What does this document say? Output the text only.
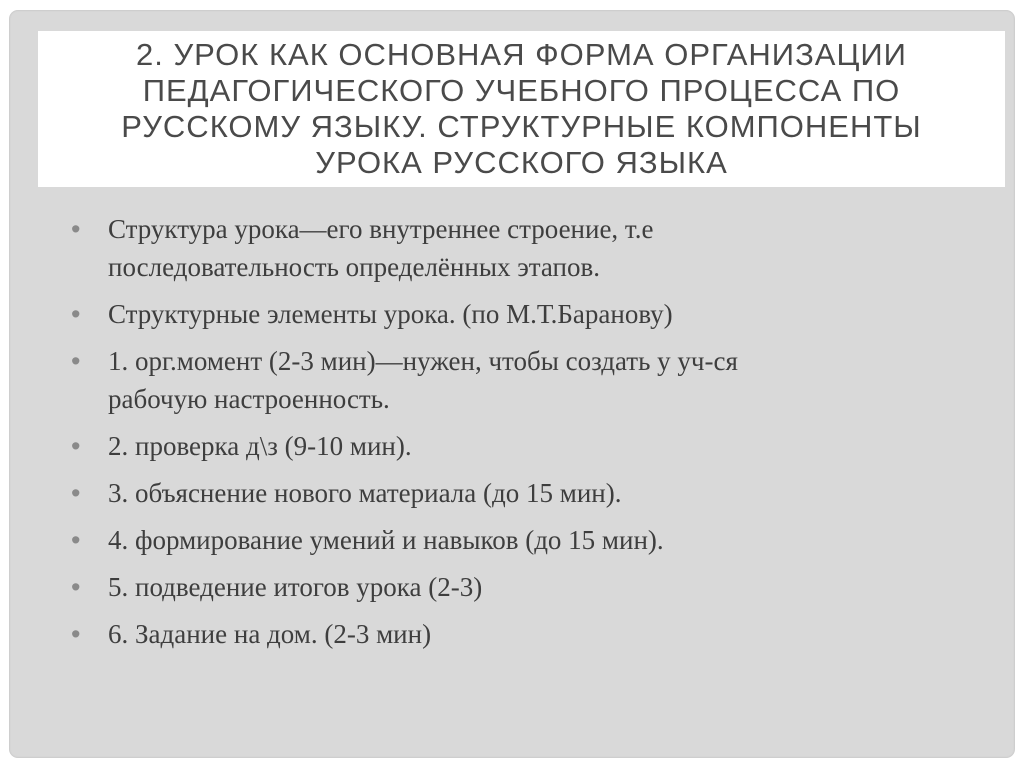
2. УРОК КАК ОСНОВНАЯ ФОРМА ОРГАНИЗАЦИИ
ПЕДАГОГИЧЕСКОГО УЧЕБНОГО ПРОЦЕССА ПО
РУССКОМУ ЯЗЫКУ. СТРУКТУРНЫЕ КОМПОНЕНТЫ
УРОКА РУССКОГО ЯЗЫКА
• Структура урока—его внутреннее строение, т.е
последовательность определённых этапов.
• Структурные элементы урока. (по М.Т.Баранову)
• 1. орг.момент (2-3 мин)—нужен, чтобы создать у уч-ся
рабочую настроенность.
• 2. проверка д\з (9-10 мин).
• 3. объяснение нового материала (до 15 мин).
• 4. формирование умений и навыков (до 15 мин).
• 5. подведение итогов урока (2-3)
• 6. Задание на дом. (2-3 мин)
